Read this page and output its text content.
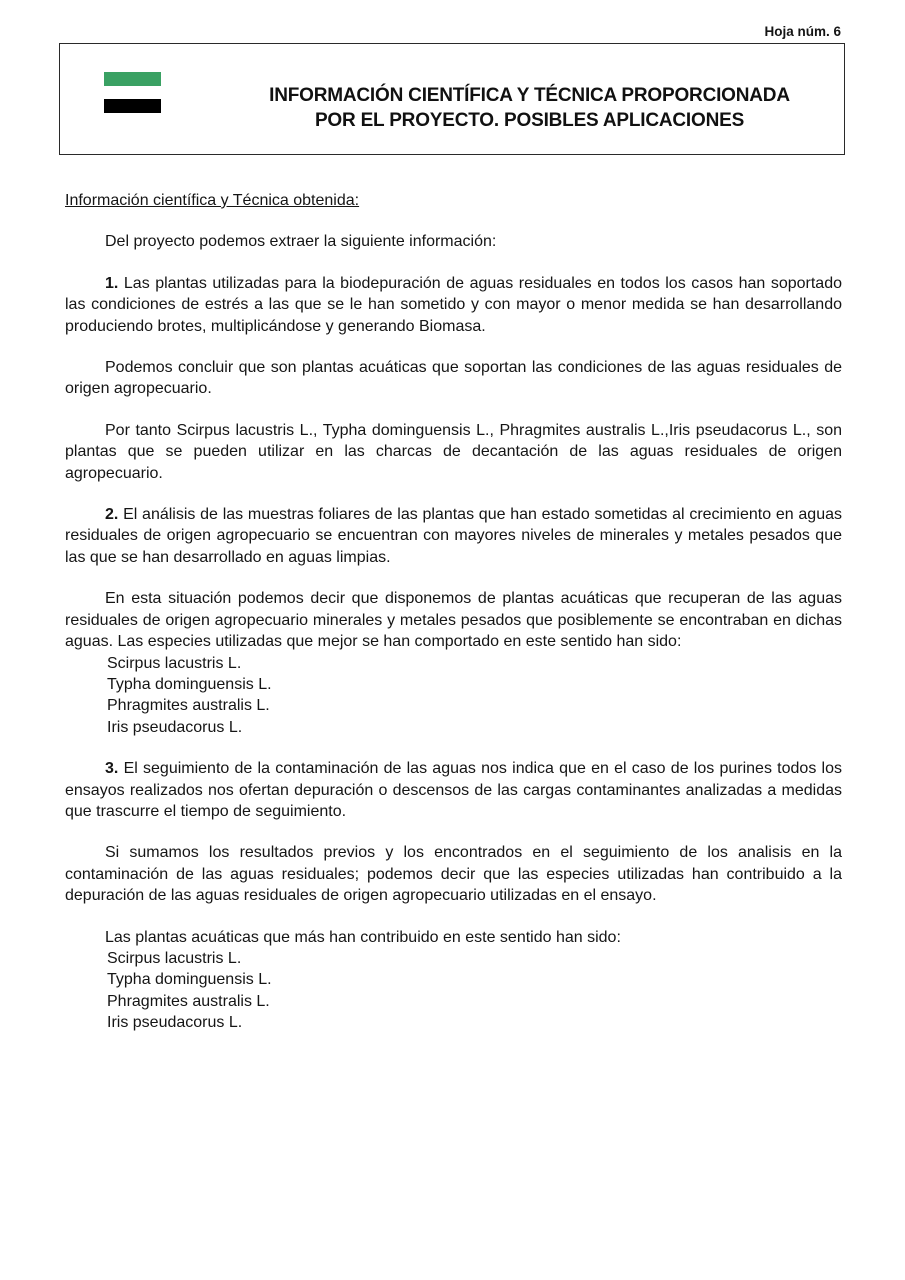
Hoja núm. 6
INFORMACIÓN CIENTÍFICA Y TÉCNICA PROPORCIONADA
POR EL PROYECTO. POSIBLES APLICACIONES
Información científica y Técnica obtenida:

Del proyecto podemos extraer la siguiente información:

1. Las plantas utilizadas para la biodepuración de aguas residuales en todos los casos han soportado las condiciones de estrés a las que se le han sometido y con mayor o menor medida se han desarrollando produciendo brotes, multiplicándose y generando Biomasa.

Podemos concluir que son plantas acuáticas que soportan las condiciones de las aguas residuales de origen agropecuario.

Por tanto Scirpus lacustris L., Typha dominguensis L., Phragmites australis L.,Iris pseudacorus L., son plantas que se pueden utilizar en las charcas de decantación de las aguas residuales de origen agropecuario.

2. El análisis de las muestras foliares de las plantas que han estado sometidas al crecimiento en aguas residuales de origen agropecuario se encuentran con mayores niveles de minerales y metales pesados que las que se han desarrollado en aguas limpias.

En esta situación podemos decir que disponemos de plantas acuáticas que recuperan de las aguas residuales de origen agropecuario minerales y metales pesados que posiblemente se encontraban en dichas aguas. Las especies utilizadas que mejor se han comportado en este sentido han sido:

Scirpus lacustris L.
Typha dominguensis L.
Phragmites australis L.
Iris pseudacorus L.

3. El seguimiento de la contaminación de las aguas nos indica que en el caso de los purines todos los ensayos realizados nos ofertan depuración o descensos de las cargas contaminantes analizadas a medidas que trascurre el tiempo de seguimiento.

Si sumamos los resultados previos y los encontrados en el seguimiento de los analisis en la contaminación de las aguas residuales; podemos decir que las especies utilizadas han contribuido a la depuración de las aguas residuales de origen agropecuario utilizadas en el ensayo.

Las plantas acuáticas que más han contribuido en este sentido han sido:

Scirpus lacustris L.
Typha dominguensis L.
Phragmites australis L.
Iris pseudacorus L.
